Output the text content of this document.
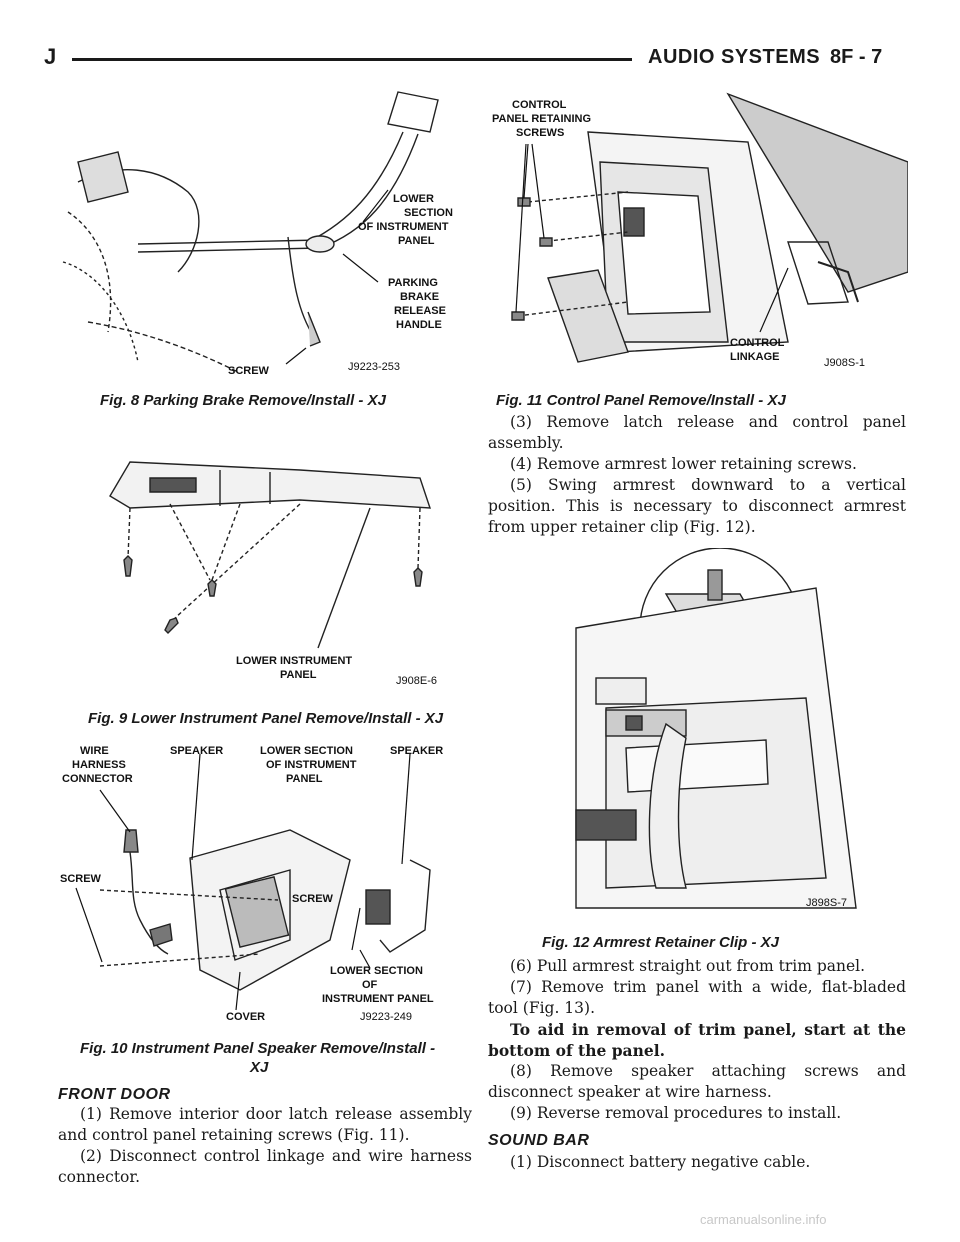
J	AUDIO SYSTEMS 8F - 7
LOWER
SECTION
OF INSTRUMENT
PANEL
PARKING
BRAKE
RELEASE
HANDLE
SCREW	J9223-253
Fig. 8 Parking Brake Remove/Install - XJ
LOWER INSTRUMENT
PANEL	J908E-6
Fig. 9 Lower Instrument Panel Remove/Install - XJ
WIRE
HARNESS
CONNECTOR
SPEAKER	LOWER SECTION
OF INSTRUMENT
PANEL
SPEAKER
SCREW
SCREW
LOWER SECTION
OF
INSTRUMENT PANEL
COVER	J9223-249
Fig. 10 Instrument Panel Speaker Remove/Install -
XJ
FRONT DOOR
(1) Remove interior door latch release assembly and control panel retaining screws (Fig. 11).
(2) Disconnect control linkage and wire harness connector.
CONTROL
PANEL RETAINING
SCREWS
CONTROL
LINKAGE	J908S-1
Fig. 11 Control Panel Remove/Install - XJ
(3) Remove latch release and control panel assembly.
(4) Remove armrest lower retaining screws.
(5) Swing armrest downward to a vertical position. This is necessary to disconnect armrest from upper retainer clip (Fig. 12).
J898S-7
Fig. 12 Armrest Retainer Clip - XJ
(6) Pull armrest straight out from trim panel.
(7) Remove trim panel with a wide, flat-bladed tool (Fig. 13).
To aid in removal of trim panel, start at the bottom of the panel.
(8) Remove speaker attaching screws and disconnect speaker at wire harness.
(9) Reverse removal procedures to install.
SOUND BAR
(1) Disconnect battery negative cable.
carmanualsonline.info
